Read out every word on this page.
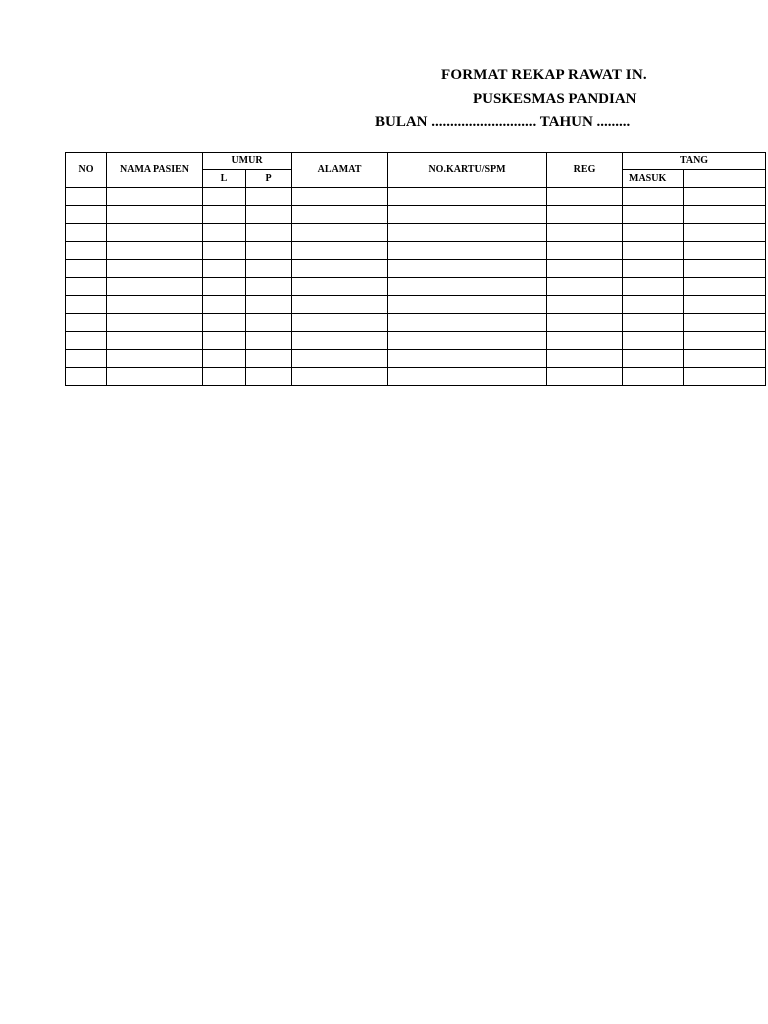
FORMAT REKAP RAWAT IN.
PUSKESMAS PANDIAN
BULAN ............................ TAHUN .........
NO	NAMA PASIEN	UMUR		ALAMAT	NO.KARTU/SPM	REG	TANG	
		L	P				MASUK	
